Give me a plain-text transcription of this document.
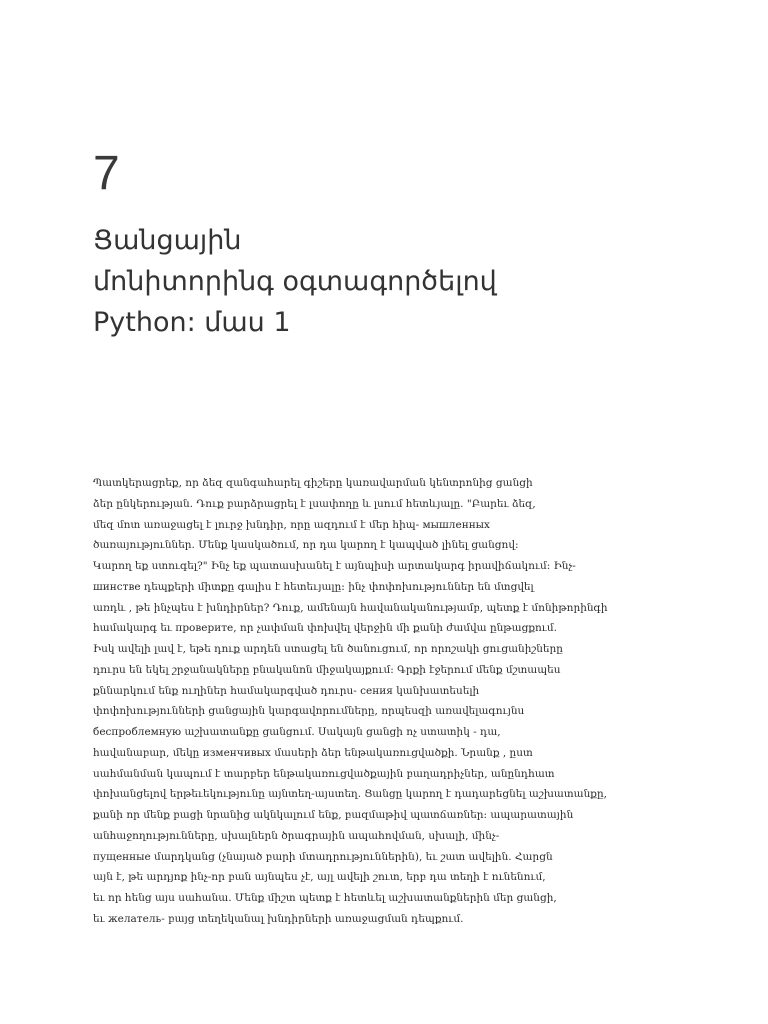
7
Ցանցային
մոնիտորինգ օգտագործելով
Python: մաս 1
Պատկերացրեք, որ ձեզ զանգահարել գիշերը կառավարման կենտրոնից ցանցի
ձեր ընկերության. Դուք բարձրացրել է լսափողը և լսում հետևյալը. "Բարեւ ձեզ,
մեզ մոտ առաջացել է լուրջ խնդիր, որը ազդում է մեր հիպ- мышленных
ծառայություններ. Մենք կասկածում, որ դա կարող է կապված լինել ցանցով:
Կարող եք ստուգել?" Ինչ եք պատասխանել է այնպիսի արտակարգ իրավիճակում: Ինչ-
шинстве դեպքերի միտքը գալիս է հետեւյալը։ ինչ փոփոխություններ են մտցվել
առդև , թե ինչպես է խնդիրներ? Դուք, ամենայն հավանականությամբ, պետք է մոնիթորինգի
համակարգ եւ проверите, որ չափման փոխվել վերջին մի քանի ժամվա ընթացքում.
Իսկ ավելի լավ է, եթե դուք արդեն ստացել են ծանուցում, որ որոշակի ցուցանիշները
դուրս են եկել շրջանակները բնականոն միջակայքում: Գրքի էջերում մենք մշտապես
քննարկում ենք ուղիներ համակարգված դուրս- сения կանխատեսելի
փոփոխությունների ցանցային կարգավորումները, որպեսզի առավելագույնս
беспроблемную աշխատանքը ցանցում. Սակայն ցանցի ոչ ստատիկ - դա,
հավանաբար, մեկը изменчивых մասերի ձեր ենթակառուցվածքի. Նրանք , ըստ
սահմանման կապում է տարբեր ենթակառուցվածքային բաղադրիչներ, անընդհատ
փոխանցելով երթեւեկությունը այնտեղ-այստեղ. Ցանցը կարող է դադարեցնել աշխատանքը,
քանի որ մենք բացի նրանից ակնկալում ենք, բազմաթիվ պատճառներ: ապարատային
անհաջողությունները, սխալներն ծրագրային ապահովման, սխալի, մինչ-
пущенные մարդկանց (չնայած բարի մտադրություններին), եւ շատ ավելին. Հարցն
այն է, թե արդյոք ինչ-որ բան այնպես չէ, այլ ավելի շուտ, երբ դա տեղի է ունենում,
եւ որ հենց այս սահանա. Մենք միշտ պետք է հետևել աշխատանքներին մեր ցանցի,
եւ желатель- բայց տեղեկանալ խնդիրների առաջացման դեպքում.
